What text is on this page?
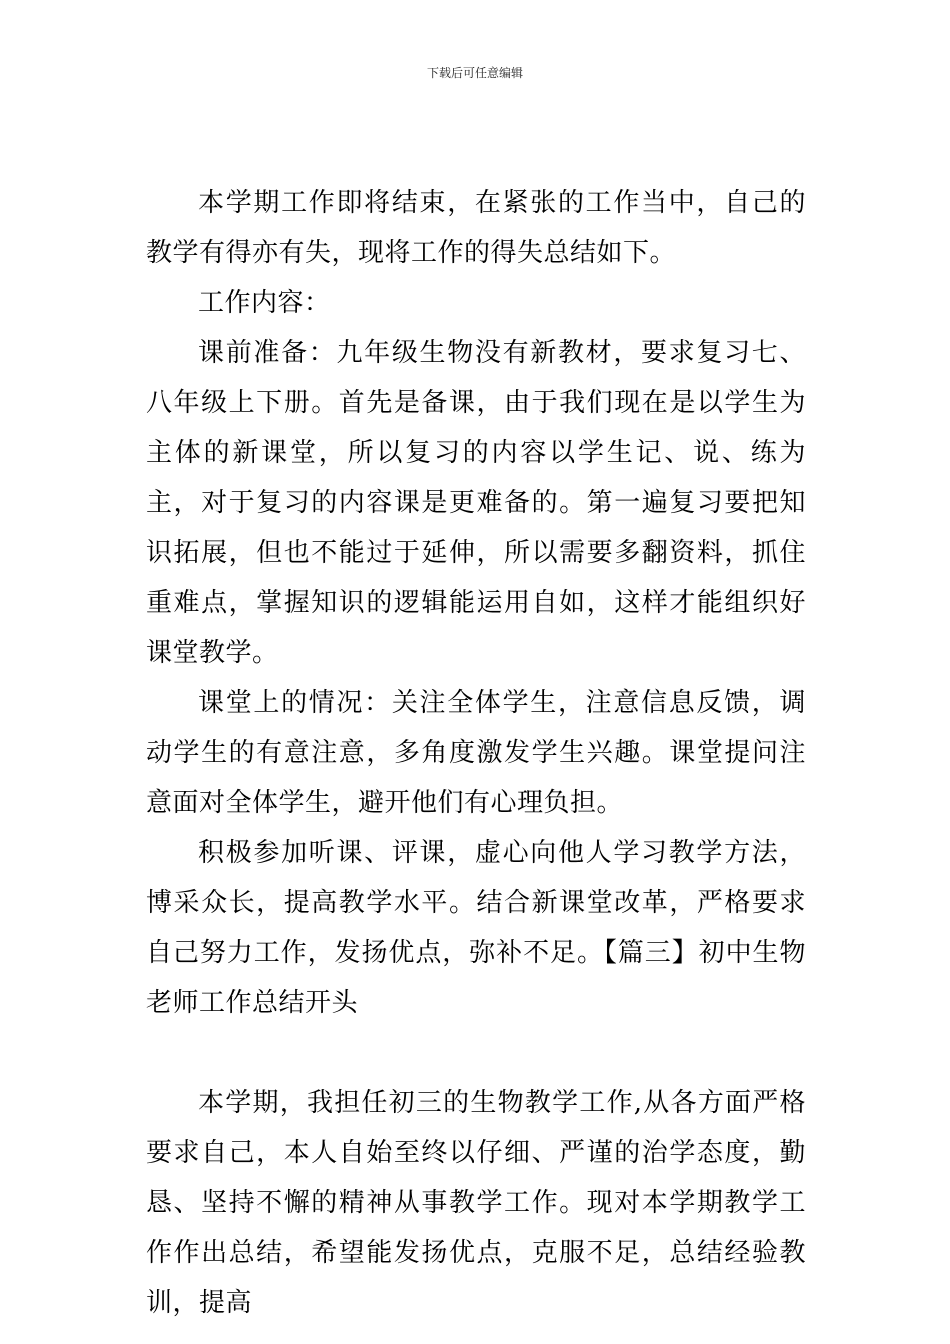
下载后可任意编辑

本学期工作即将结束，在紧张的工作当中，自己的教学有得亦有失，现将工作的得失总结如下。

工作内容：

课前准备：九年级生物没有新教材，要求复习七、八年级上下册。首先是备课，由于我们现在是以学生为主体的新课堂，所以复习的内容以学生记、说、练为主，对于复习的内容课是更难备的。第一遍复习要把知识拓展，但也不能过于延伸，所以需要多翻资料，抓住重难点，掌握知识的逻辑能运用自如，这样才能组织好课堂教学。

课堂上的情况：关注全体学生，注意信息反馈，调动学生的有意注意，多角度激发学生兴趣。课堂提问注意面对全体学生，避开他们有心理负担。

积极参加听课、评课，虚心向他人学习教学方法，博采众长，提高教学水平。结合新课堂改革，严格要求自己努力工作，发扬优点，弥补不足。【篇三】初中生物老师工作总结开头

本学期，我担任初三的生物教学工作,从各方面严格要求自己，本人自始至终以仔细、严谨的治学态度，勤恳、坚持不懈的精神从事教学工作。现对本学期教学工作作出总结，希望能发扬优点，克服不足，总结经验教训，提高
